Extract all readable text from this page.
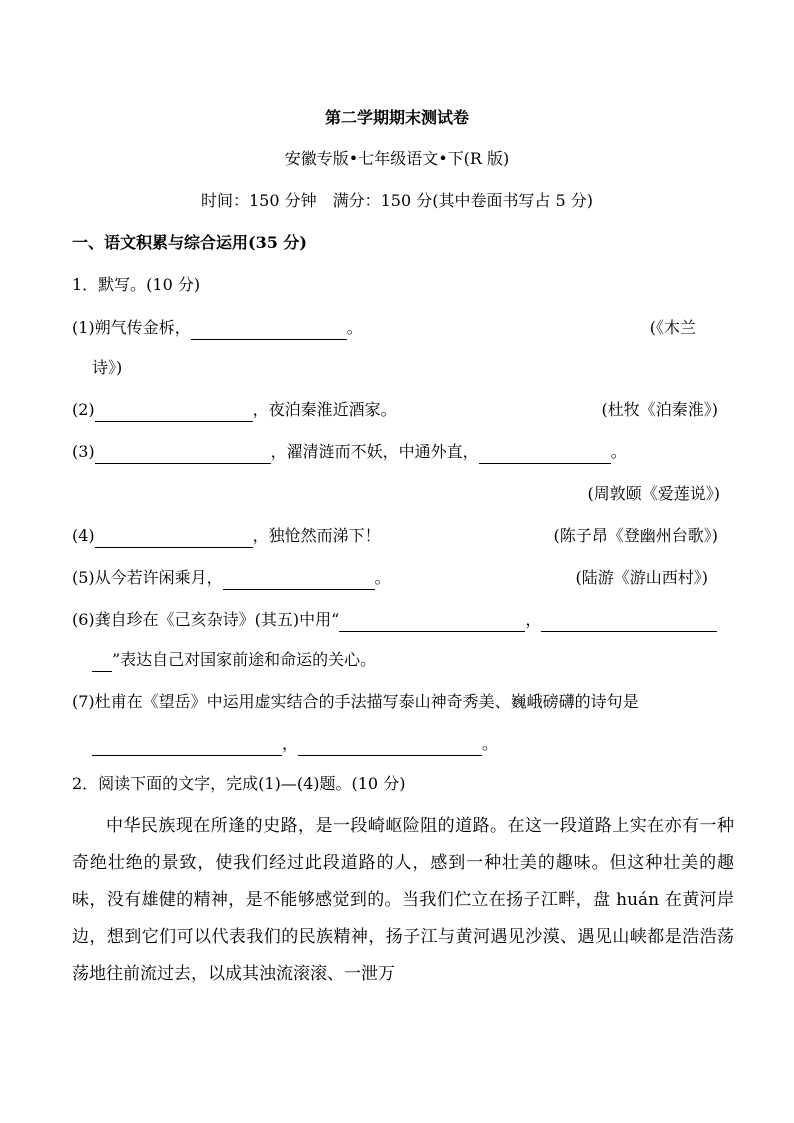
第二学期期末测试卷
安徽专版•七年级语文•下(R 版)
时间：150 分钟　满分：150 分(其中卷面书写占 5 分)
一、语文积累与综合运用(35 分)
1．默写。(10 分)
(1)朔气传金柝，	。	(《木兰
诗》)
(2)	，夜泊秦淮近酒家。	(杜牧《泊秦淮》)
(3)	，濯清涟而不妖，中通外直，	。
(周敦颐《爱莲说》)
(4)	，独怆然而涕下！	(陈子昂《登幽州台歌》)
(5)从今若许闲乘月，	。	(陆游《游山西村》)
(6)龚自珍在《己亥杂诗》(其五)中用“	，
”表达自己对国家前途和命运的关心。
(7)杜甫在《望岳》中运用虚实结合的手法描写泰山神奇秀美、巍峨磅礴的诗句是
，	。
2．阅读下面的文字，完成(1)—(4)题。(10 分)
中华民族现在所逢的史路，是一段崎岖险阻的道路。在这一段道路上实在亦有一种奇绝壮绝的景致，使我们经过此段道路的人，感到一种壮美的趣味。但这种壮美的趣味，没有雄健的精神，是不能够感觉到的。当我们伫立在扬子江畔，盘 huán 在黄河岸边，想到它们可以代表我们的民族精神，扬子江与黄河遇见沙漠、遇见山峡都是浩浩荡荡地往前流过去，以成其浊流滚滚、一泄万
